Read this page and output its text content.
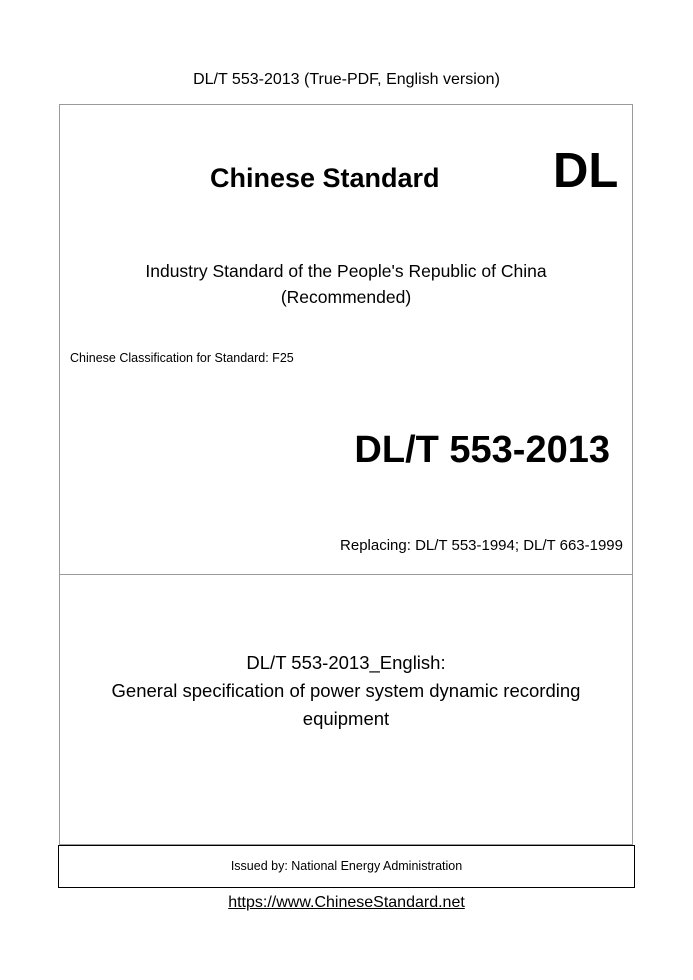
DL/T 553-2013 (True-PDF, English version)
Chinese Standard DL
Industry Standard of the People's Republic of China
(Recommended)
Chinese Classification for Standard: F25
DL/T 553-2013
Replacing: DL/T 553-1994; DL/T 663-1999
DL/T 553-2013_English:
General specification of power system dynamic recording
equipment
Issued by: National Energy Administration
https://www.ChineseStandard.net
